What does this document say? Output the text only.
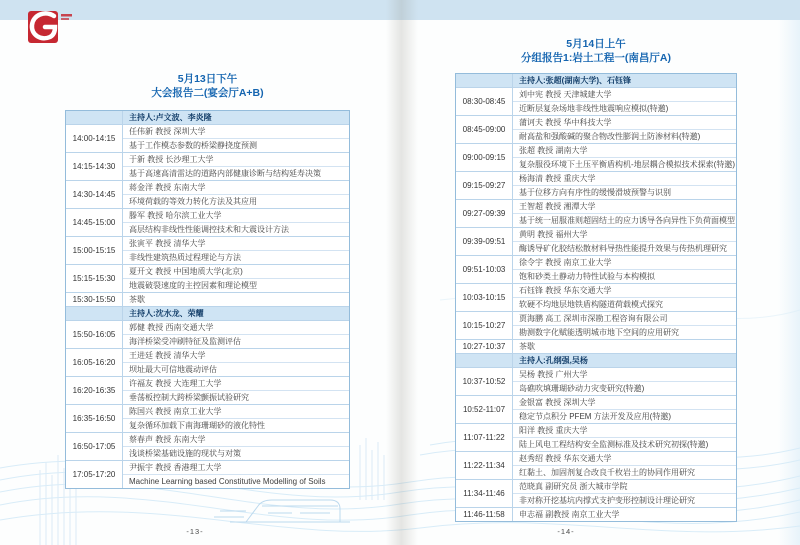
5月13日下午
大会报告二(宴会厅A+B)
主持人:卢文波、李炎隆
14:00-14:15
任伟新 教授 深圳大学
基于工作模态参数的桥梁静挠度预测
14:15-14:30
于新 教授 长沙理工大学
基于高速高清雷达的道路内部健康诊断与结构延寿决策
14:30-14:45
蒋金洋 教授 东南大学
环境荷载的等效力转化方法及其应用
14:45-15:00
滕军 教授 哈尔滨工业大学
高层结构非线性性能调控技术和大震设计方法
15:00-15:15
张寅平 教授 清华大学
非线性建筑热质过程理论与方法
15:15-15:30
夏开文 教授 中国地质大学(北京)
地震破裂速度的主控因素和理论模型
15:30-15:50	茶歇
主持人:沈水龙、荣耀
15:50-16:05
郭健 教授 西南交通大学
海洋桥梁受冲刷特征及监测评估
16:05-16:20
王进廷 教授 清华大学
坝址最大可信地震动评估
16:20-16:35
许福友 教授 大连理工大学
垂荡板控制大跨桥梁颤振试验研究
16:35-16:50
陈国兴 教授 南京工业大学
复杂循环加载下南海珊瑚砂的液化特性
16:50-17:05
蔡春声 教授 东南大学
浅谈桥梁基础设施的现状与对策
17:05-17:20
尹振宇 教授 香港理工大学
Machine Learning based Constitutive Modelling of Soils
-13-
5月14日上午
分组报告1:岩土工程一(南昌厅A)
主持人:张超(湖南大学)、石钰锋
08:30-08:45
刘中宪 教授 天津城建大学
近断层复杂场地非线性地震响应模拟(特邀)
08:45-09:00
蒲诃夫 教授 华中科技大学
耐高盐和强酸碱的聚合物改性膨润土防渗材料(特邀)
09:00-09:15
张超 教授 湖南大学
复杂服役环境下土压平衡盾构机-地层耦合模拟技术探索(特邀)
09:15-09:27
杨海清 教授 重庆大学
基于位移方向有序性的缓慢滑坡预警与识别
09:27-09:39
王智超 教授 湘潭大学
基于统一屈服准则超固结土的应力诱导各向异性下负荷面模型
09:39-09:51
黄明 教授 福州大学
酶诱导矿化胶结松散材料导热性能提升效果与传热机理研究
09:51-10:03
徐令宇 教授 南京工业大学
饱和砂类土静动力特性试验与本构模拟
10:03-10:15
石钰锋 教授 华东交通大学
软硬不均地层地铁盾构隧道荷载模式探究
10:15-10:27
贾海鹏 高工 深圳市深勘工程咨询有限公司
勘测数字化赋能透明城市地下空间的应用研究
10:27-10:37	茶歇
主持人:孔纲强,吴杨
10:37-10:52
吴杨 教授 广州大学
岛礁吹填珊瑚砂动力灾变研究(特邀)
10:52-11:07
金银富 教授 深圳大学
稳定节点积分 PFEM 方法开发及应用(特邀)
11:07-11:22
阳洋 教授 重庆大学
陆上风电工程结构安全监测标准及技术研究初探(特邀)
11:22-11:34
赵秀绍 教授 华东交通大学
红黏土、加固剂复合改良千枚岩土的协同作用研究
11:34-11:46
范晓真 副研究员 浙大城市学院
非对称开挖基坑内撑式支护变形控制设计理论研究
11:46-11:58	申志福 副教授 南京工业大学
-14-
